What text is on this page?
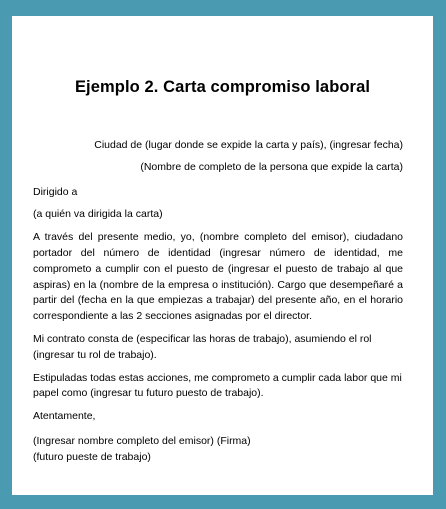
Ejemplo 2. Carta compromiso laboral

Ciudad de (lugar donde se expide la carta y país), (ingresar fecha)

(Nombre de completo de la persona que expide la carta)

Dirigido a

(a quién va dirigida la carta)

A través del presente medio, yo, (nombre completo del emisor), ciudadano portador del número de identidad (ingresar número de identidad, me comprometo a cumplir con el puesto de (ingresar el puesto de trabajo al que aspiras) en la (nombre de la empresa o institución). Cargo que desempeñaré a partir del (fecha en la que empiezas a trabajar) del presente año, en el horario correspondiente a las 2 secciones asignadas por el director.

Mi contrato consta de (especificar las horas de trabajo), asumiendo el rol (ingresar tu rol de trabajo).

Estipuladas todas estas acciones, me comprometo a cumplir cada labor que mi papel como (ingresar tu futuro puesto de trabajo).

Atentamente,

(Ingresar nombre completo del emisor) (Firma)

(futuro pueste de trabajo)
